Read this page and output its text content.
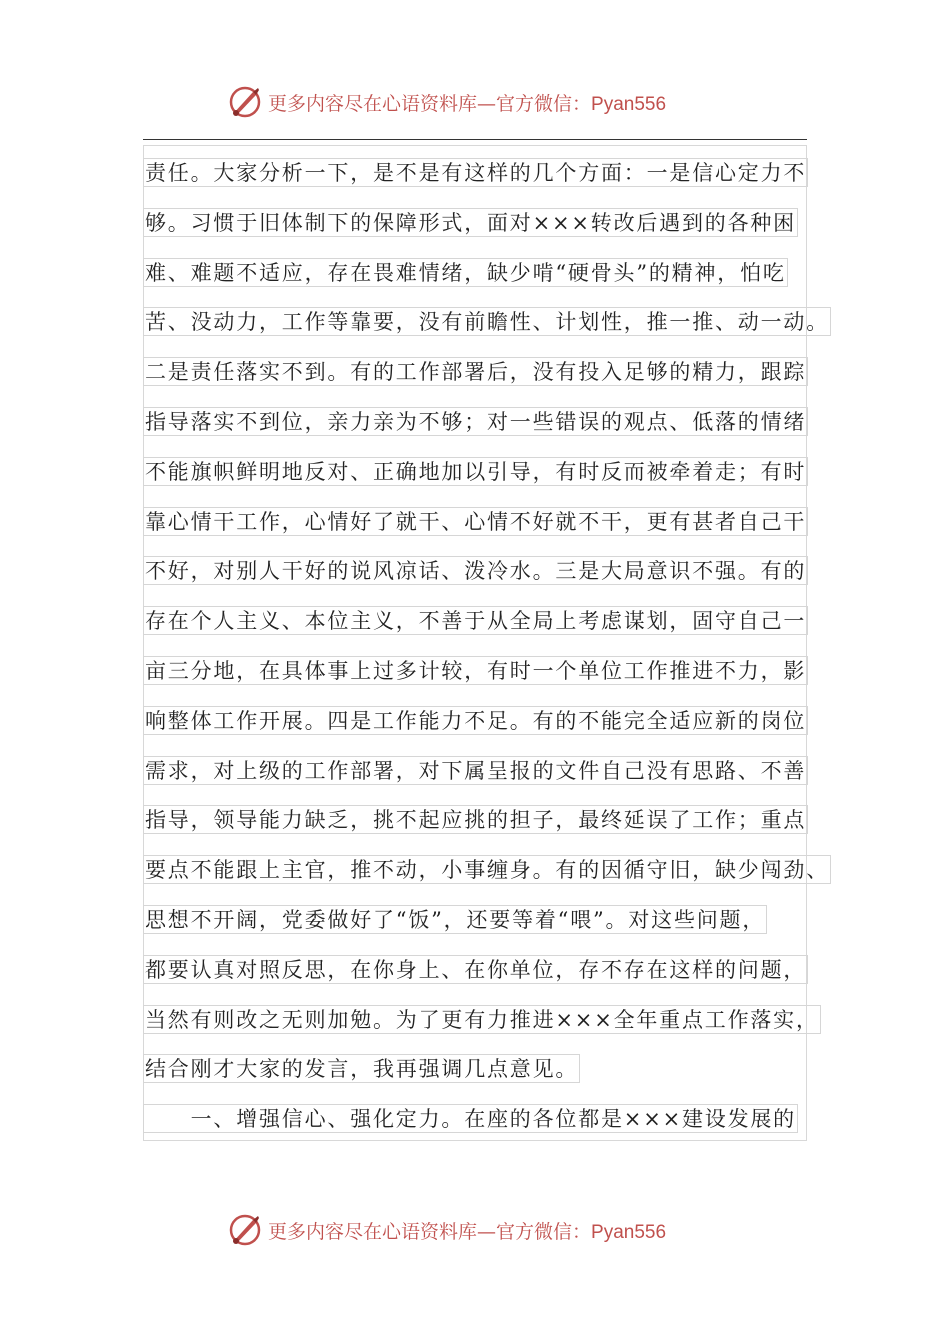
更多内容尽在心语资料库—官方微信：Pyan556
责任。大家分析一下，是不是有这样的几个方面：一是信心定力不
够。习惯于旧体制下的保障形式，面对×××转改后遇到的各种困
难、难题不适应，存在畏难情绪，缺少啃“硬骨头”的精神，怕吃
苦、没动力，工作等靠要，没有前瞻性、计划性，推一推、动一动。
二是责任落实不到。有的工作部署后，没有投入足够的精力，跟踪
指导落实不到位，亲力亲为不够；对一些错误的观点、低落的情绪
不能旗帜鲜明地反对、正确地加以引导，有时反而被牵着走；有时
靠心情干工作，心情好了就干、心情不好就不干，更有甚者自己干
不好，对别人干好的说风凉话、泼冷水。三是大局意识不强。有的
存在个人主义、本位主义，不善于从全局上考虑谋划，固守自己一
亩三分地，在具体事上过多计较，有时一个单位工作推进不力，影
响整体工作开展。四是工作能力不足。有的不能完全适应新的岗位
需求，对上级的工作部署，对下属呈报的文件自己没有思路、不善
指导，领导能力缺乏，挑不起应挑的担子，最终延误了工作；重点
要点不能跟上主官，推不动，小事缠身。有的因循守旧，缺少闯劲、
思想不开阔，党委做好了“饭”，还要等着“喂”。对这些问题，
都要认真对照反思，在你身上、在你单位，存不存在这样的问题，
当然有则改之无则加勉。为了更有力推进×××全年重点工作落实，
结合刚才大家的发言，我再强调几点意见。
　　一、增强信心、强化定力。在座的各位都是×××建设发展的
更多内容尽在心语资料库—官方微信：Pyan556
